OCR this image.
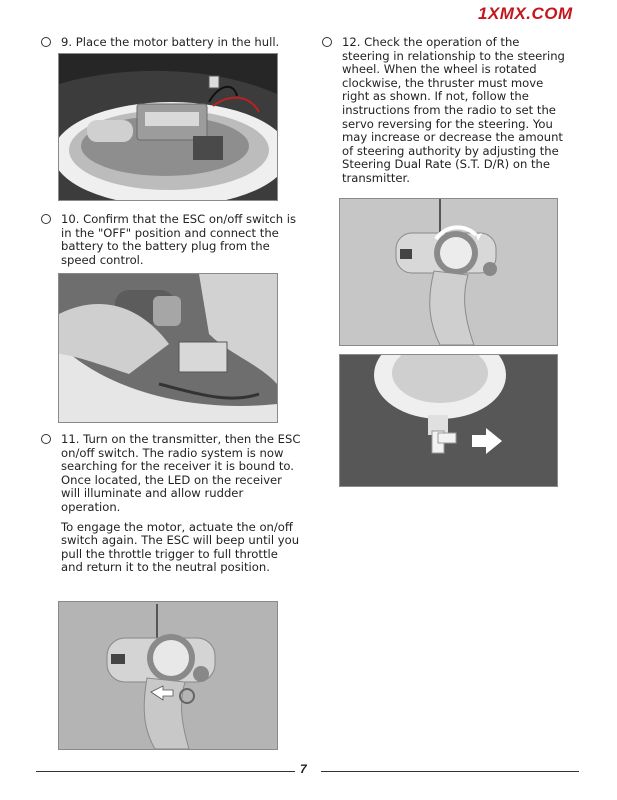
1XMX.COM

9. Place the motor battery in the hull.

10. Confirm that the ESC on/off switch is in the "OFF" position and connect the battery to the battery plug from the speed control.

11. Turn on the transmitter, then the ESC on/off switch. The radio system is now searching for the receiver it is bound to. Once located, the LED on the receiver will illuminate and allow rudder operation.

To engage the motor, actuate the on/off switch again. The ESC will beep until you pull the throttle trigger to full throttle and return it to the neutral position.

12. Check the operation of the steering in relationship to the steering wheel. When the wheel is rotated clockwise, the thruster must move right as shown. If not, follow the instructions from the radio to set the servo reversing for the steering. You may increase or decrease the amount of steering authority by adjusting the Steering Dual Rate (S.T. D/R) on the transmitter.

7
